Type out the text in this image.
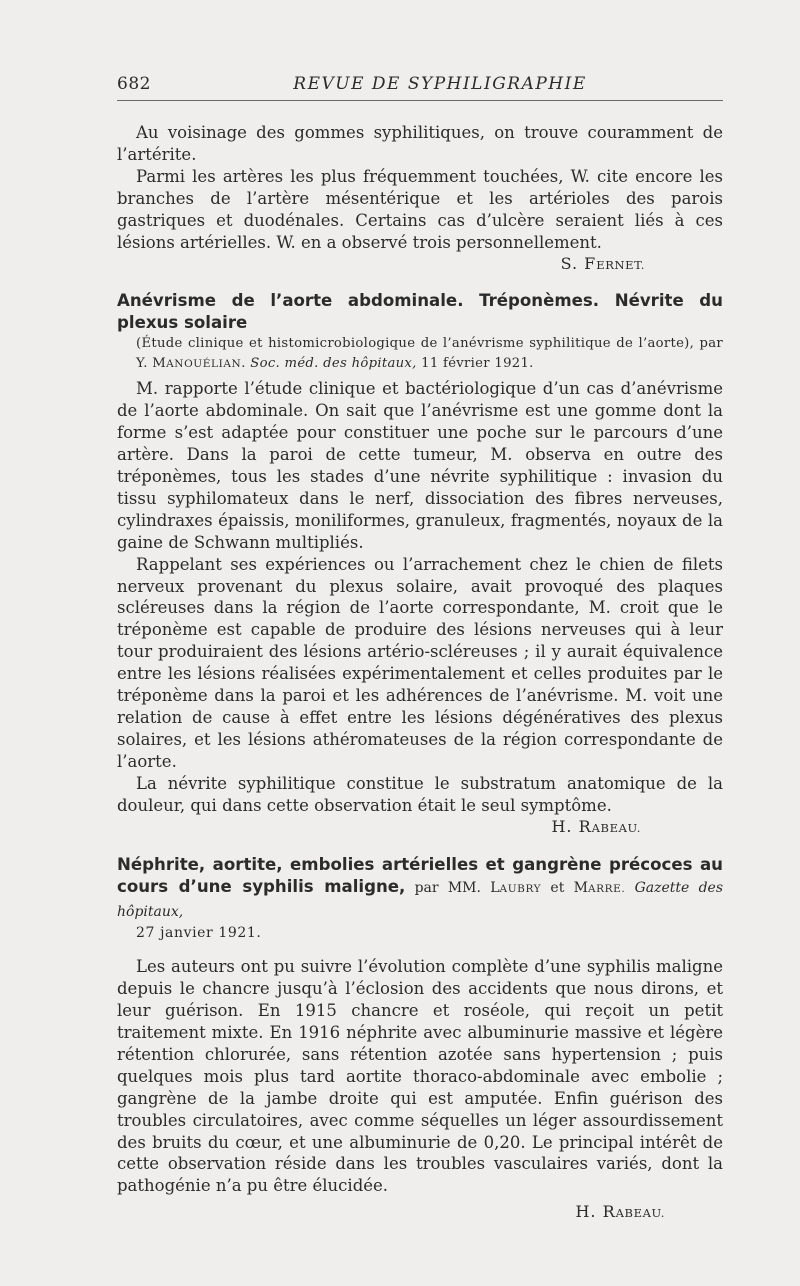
682	REVUE DE SYPHILIGRAPHIE

Au voisinage des gommes syphilitiques, on trouve couramment de l’artérite.

Parmi les artères les plus fréquemment touchées, W. cite encore les branches de l’artère mésentérique et les artérioles des parois gastriques et duodénales. Certains cas d’ulcère seraient liés à ces lésions artérielles. W. en a observé trois personnellement.

S. FERNET.
Anévrisme de l’aorte abdominale. Tréponèmes. Névrite du plexus solaire
(Étude clinique et histomicrobiologique de l’anévrisme syphilitique de l’aorte), par Y. MANOUÉLIAN. Soc. méd. des hôpitaux, 11 février 1921.

M. rapporte l’étude clinique et bactériologique d’un cas d’anévrisme de l’aorte abdominale. On sait que l’anévrisme est une gomme dont la forme s’est adaptée pour constituer une poche sur le parcours d’une artère. Dans la paroi de cette tumeur, M. observa en outre des tréponèmes, tous les stades d’une névrite syphilitique : invasion du tissu syphilomateux dans le nerf, dissociation des fibres nerveuses, cylindraxes épaissis, moniliformes, granuleux, fragmentés, noyaux de la gaine de Schwann multipliés.

Rappelant ses expériences ou l’arrachement chez le chien de filets nerveux provenant du plexus solaire, avait provoqué des plaques scléreuses dans la région de l’aorte correspondante, M. croit que le tréponème est capable de produire des lésions nerveuses qui à leur tour produiraient des lésions artério-scléreuses ; il y aurait équivalence entre les lésions réalisées expérimentalement et celles produites par le tréponème dans la paroi et les adhérences de l’anévrisme. M. voit une relation de cause à effet entre les lésions dégénératives des plexus solaires, et les lésions athéromateuses de la région correspondante de l’aorte.

La névrite syphilitique constitue le substratum anatomique de la douleur, qui dans cette observation était le seul symptôme.

H. RABEAU.
Néphrite, aortite, embolies artérielles et gangrène précoces au cours d’une syphilis maligne, par MM. LAUBRY et MARRE. Gazette des hôpitaux,
27 janvier 1921.

Les auteurs ont pu suivre l’évolution complète d’une syphilis maligne depuis le chancre jusqu’à l’éclosion des accidents que nous dirons, et leur guérison. En 1915 chancre et roséole, qui reçoit un petit traitement mixte. En 1916 néphrite avec albuminurie massive et légère rétention chlorurée, sans rétention azotée sans hypertension ; puis quelques mois plus tard aortite thoraco-abdominale avec embolie ; gangrène de la jambe droite qui est amputée. Enfin guérison des troubles circulatoires, avec comme séquelles un léger assourdissement des bruits du cœur, et une albuminurie de 0,20. Le principal intérêt de cette observation réside dans les troubles vasculaires variés, dont la pathogénie n’a pu être élucidée.

H. RABEAU.
